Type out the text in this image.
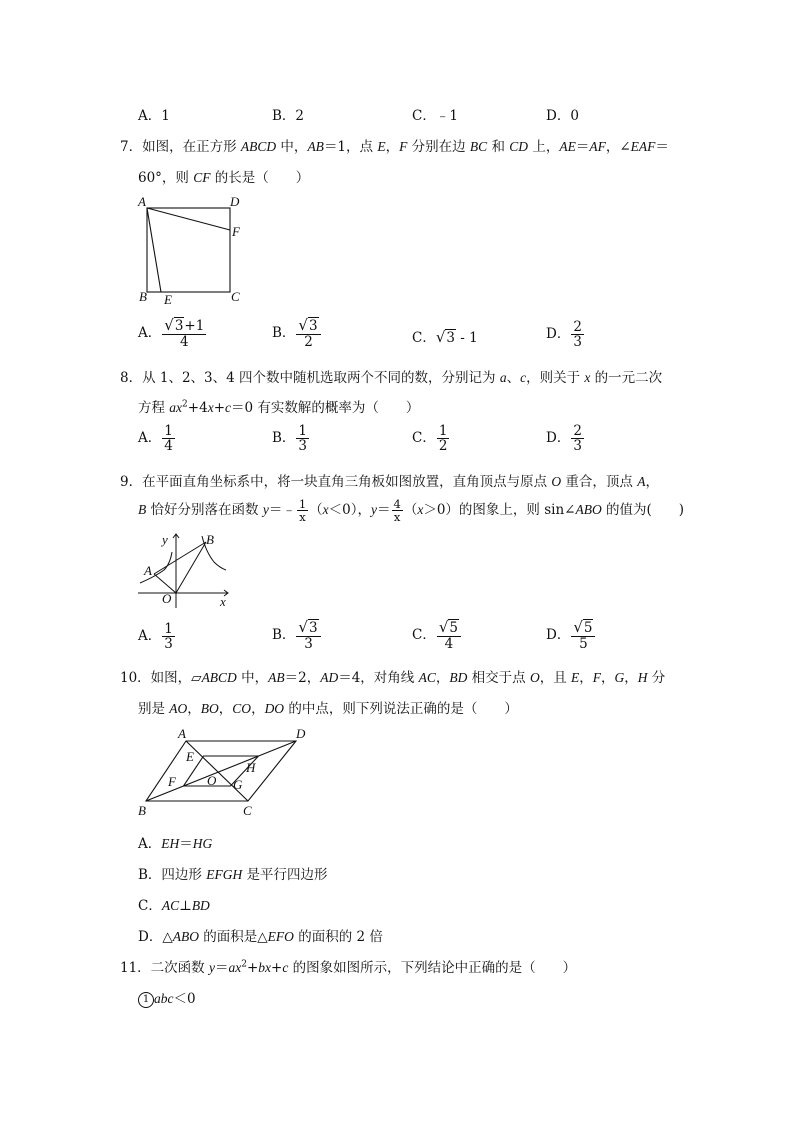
A．1	B．2	C．﹣1	D．0
7．如图，在正方形 ABCD 中，AB＝1，点 E，F 分别在边 BC 和 CD 上，AE＝AF，∠EAF＝
60°，则 CF 的长是（　　）
A	D
F
B E	C
A． $\frac{√3+1}{4}$	B． $\frac{√3}{2}$	C．√3 - 1	D． $\frac{2}{3}$
8．从 1、2、3、4 四个数中随机选取两个不同的数，分别记为 a、c，则关于 x 的一元二次
方程 $ax^2+4x+c=0$ 有实数解的概率为（　　）
A． $\frac{1}{4}$	B． $\frac{1}{3}$	C． $\frac{1}{2}$	D． $\frac{2}{3}$
9．在平面直角坐标系中，将一块直角三角板如图放置，直角顶点与原点 O 重合，顶点 A，
B 恰好分别落在函数 y＝﹣ $\frac{1}{x} (x<0)$，$y= \frac{4}{x} (x>0)$的图象上，则 sin∠ABO 的值为(　　)
y	B
A
O	x
A． $\frac{1}{3}$	B． $\frac{√3}{3}$	C． $\frac{√5}{4}$	D． $\frac{√5}{5}$
10．如图，▱ABCD 中，AB＝2，AD＝4，对角线 AC，BD 相交于点 O，且 E，F，G，H 分
别是 AO，BO，CO，DO 的中点，则下列说法正确的是（　　）
A	D
E
H
F O G
B	C
A．EH＝HG
B．四边形 EFGH 是平行四边形
C．AC⊥BD
D．△ABO 的面积是△EFO 的面积的 2 倍
11．二次函数 $y=ax^2+bx+c$ 的图象如图所示，下列结论中正确的是（　　）
1 abc＜0
